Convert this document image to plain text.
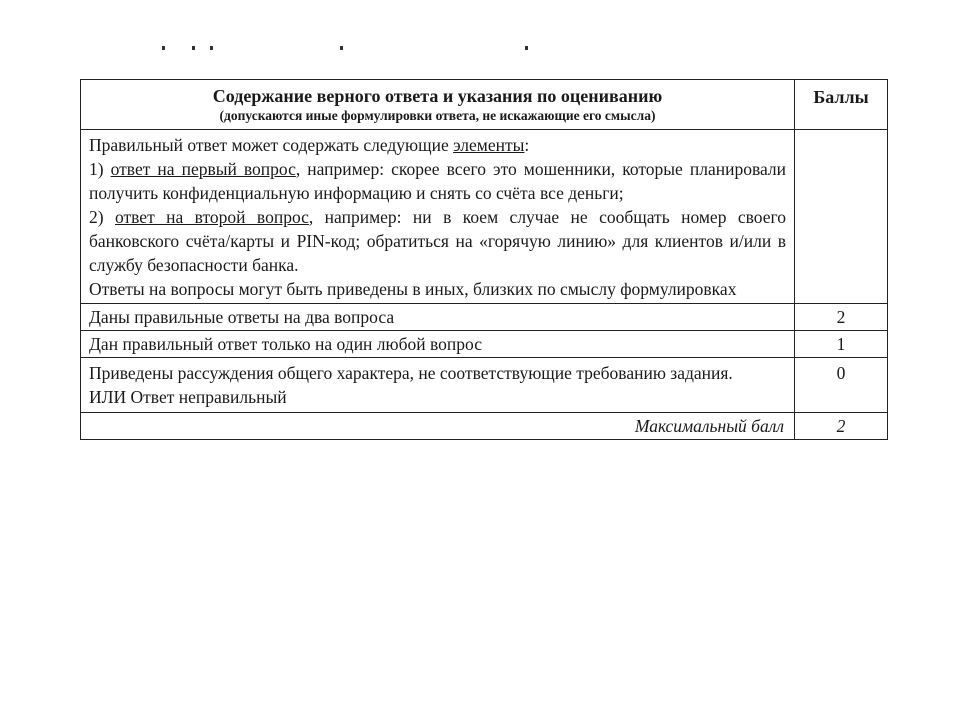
Содержание верного ответа и указания по оцениванию
(допускаются иные формулировки ответа, не искажающие его смысла)	Баллы

Правильный ответ может содержать следующие элементы:

1) ответ на первый вопрос, например: скорее всего это мошенники, которые планировали получить конфиденциальную информацию и снять со счёта все деньги;

2) ответ на второй вопрос, например: ни в коем случае не сообщать номер своего банковского счёта/карты и PIN-код; обратиться на «горячую линию» для клиентов и/или в службу безопасности банка.

Ответы на вопросы могут быть приведены в иных, близких по смыслу формулировках	

Даны правильные ответы на два вопроса	2
Дан правильный ответ только на один любой вопрос	1

Приведены рассуждения общего характера, не соответствующие требованию задания.
ИЛИ Ответ неправильный	0
Максимальный балл	2
